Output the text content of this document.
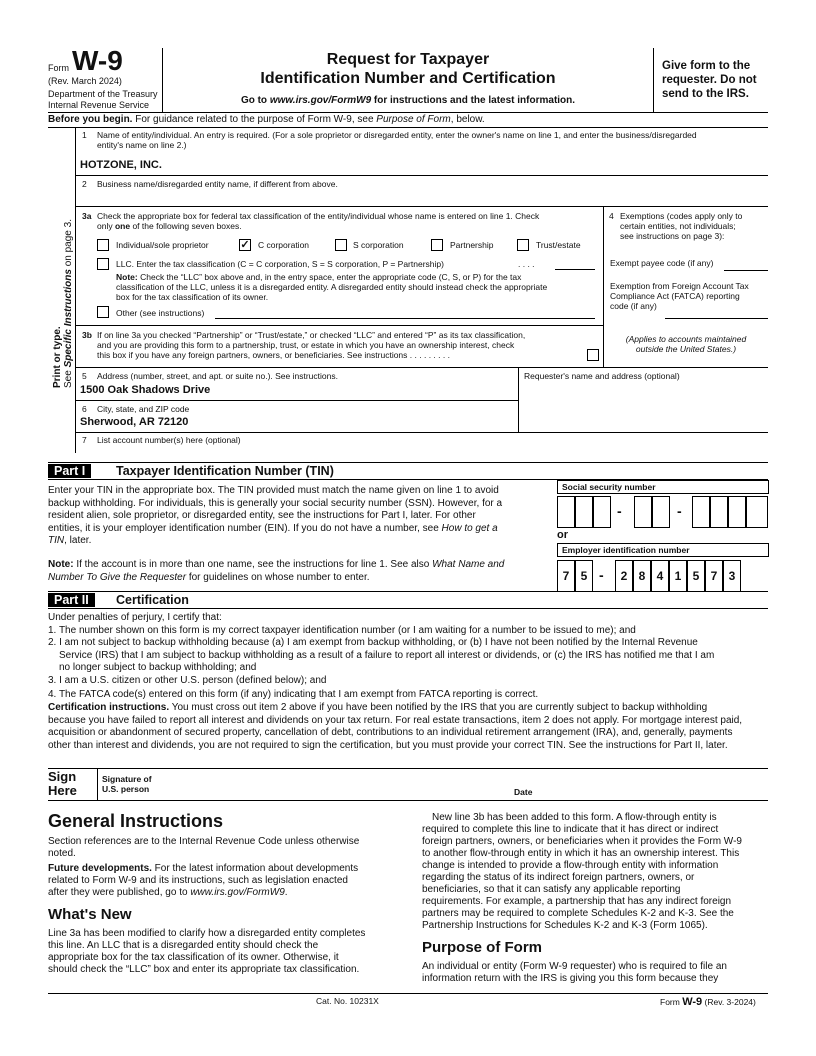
Form W-9
(Rev. March 2024)
Department of the Treasury
Internal Revenue Service
Request for Taxpayer
Identification Number and Certification
Go to www.irs.gov/FormW9 for instructions and the latest information.
Give form to the
requester. Do not
send to the IRS.
Before you begin. For guidance related to the purpose of Form W-9, see Purpose of Form, below.
Print or type.
See Specific Instructions on page 3.
1 Name of entity/individual. An entry is required. (For a sole proprietor or disregarded entity, enter the owner's name on line 1, and enter the business/disregarded
entity's name on line 2.)
HOTZONE, INC.
2 Business name/disregarded entity name, if different from above.
3a Check the appropriate box for federal tax classification of the entity/individual whose name is entered on line 1. Check
only one of the following seven boxes.
Individual/sole proprietor	✓ C corporation	S corporation	Partnership	Trust/estate
LLC. Enter the tax classification (C = C corporation, S = S corporation, P = Partnership)	. . . .
Note: Check the “LLC” box above and, in the entry space, enter the appropriate code (C, S, or P) for the tax
classification of the LLC, unless it is a disregarded entity. A disregarded entity should instead check the appropriate
box for the tax classification of its owner.
Other (see instructions)
4 Exemptions (codes apply only to
certain entities, not individuals;
see instructions on page 3):
Exempt payee code (if any)
Exemption from Foreign Account Tax
Compliance Act (FATCA) reporting
code (if any)
(Applies to accounts maintained
outside the United States.)
3b If on line 3a you checked “Partnership” or “Trust/estate,” or checked “LLC” and entered “P” as its tax classification,
and you are providing this form to a partnership, trust, or estate in which you have an ownership interest, check
this box if you have any foreign partners, owners, or beneficiaries. See instructions . . . . . . . . .
5 Address (number, street, and apt. or suite no.). See instructions.
1500 Oak Shadows Drive
Requester's name and address (optional)
6 City, state, and ZIP code
Sherwood, AR 72120
7 List account number(s) here (optional)
Part I	Taxpayer Identification Number (TIN)
Enter your TIN in the appropriate box. The TIN provided must match the name given on line 1 to avoid
backup withholding. For individuals, this is generally your social security number (SSN). However, for a
resident alien, sole proprietor, or disregarded entity, see the instructions for Part I, later. For other
entities, it is your employer identification number (EIN). If you do not have a number, see How to get a
TIN, later.
Note: If the account is in more than one name, see the instructions for line 1. See also What Name and
Number To Give the Requester for guidelines on whose number to enter.
Social security number
-	-
or
Employer identification number
7 5 -	2 8 4 1 5 7 3
Part II	Certification
Under penalties of perjury, I certify that:
1. The number shown on this form is my correct taxpayer identification number (or I am waiting for a number to be issued to me); and
2. I am not subject to backup withholding because (a) I am exempt from backup withholding, or (b) I have not been notified by the Internal Revenue
Service (IRS) that I am subject to backup withholding as a result of a failure to report all interest or dividends, or (c) the IRS has notified me that I am
no longer subject to backup withholding; and
3. I am a U.S. citizen or other U.S. person (defined below); and
4. The FATCA code(s) entered on this form (if any) indicating that I am exempt from FATCA reporting is correct.
Certification instructions. You must cross out item 2 above if you have been notified by the IRS that you are currently subject to backup withholding
because you have failed to report all interest and dividends on your tax return. For real estate transactions, item 2 does not apply. For mortgage interest paid,
acquisition or abandonment of secured property, cancellation of debt, contributions to an individual retirement arrangement (IRA), and, generally, payments
other than interest and dividends, you are not required to sign the certification, but you must provide your correct TIN. See the instructions for Part II, later.
Sign
Here
Signature of
U.S. person	Date
General Instructions
Section references are to the Internal Revenue Code unless otherwise
noted.
Future developments. For the latest information about developments
related to Form W-9 and its instructions, such as legislation enacted
after they were published, go to www.irs.gov/FormW9.
What's New
Line 3a has been modified to clarify how a disregarded entity completes
this line. An LLC that is a disregarded entity should check the
appropriate box for the tax classification of its owner. Otherwise, it
should check the “LLC” box and enter its appropriate tax classification.
New line 3b has been added to this form. A flow-through entity is
required to complete this line to indicate that it has direct or indirect
foreign partners, owners, or beneficiaries when it provides the Form W-9
to another flow-through entity in which it has an ownership interest. This
change is intended to provide a flow-through entity with information
regarding the status of its indirect foreign partners, owners, or
beneficiaries, so that it can satisfy any applicable reporting
requirements. For example, a partnership that has any indirect foreign
partners may be required to complete Schedules K-2 and K-3. See the
Partnership Instructions for Schedules K-2 and K-3 (Form 1065).
Purpose of Form
An individual or entity (Form W-9 requester) who is required to file an
information return with the IRS is giving you this form because they
Cat. No. 10231X	Form W-9 (Rev. 3-2024)
